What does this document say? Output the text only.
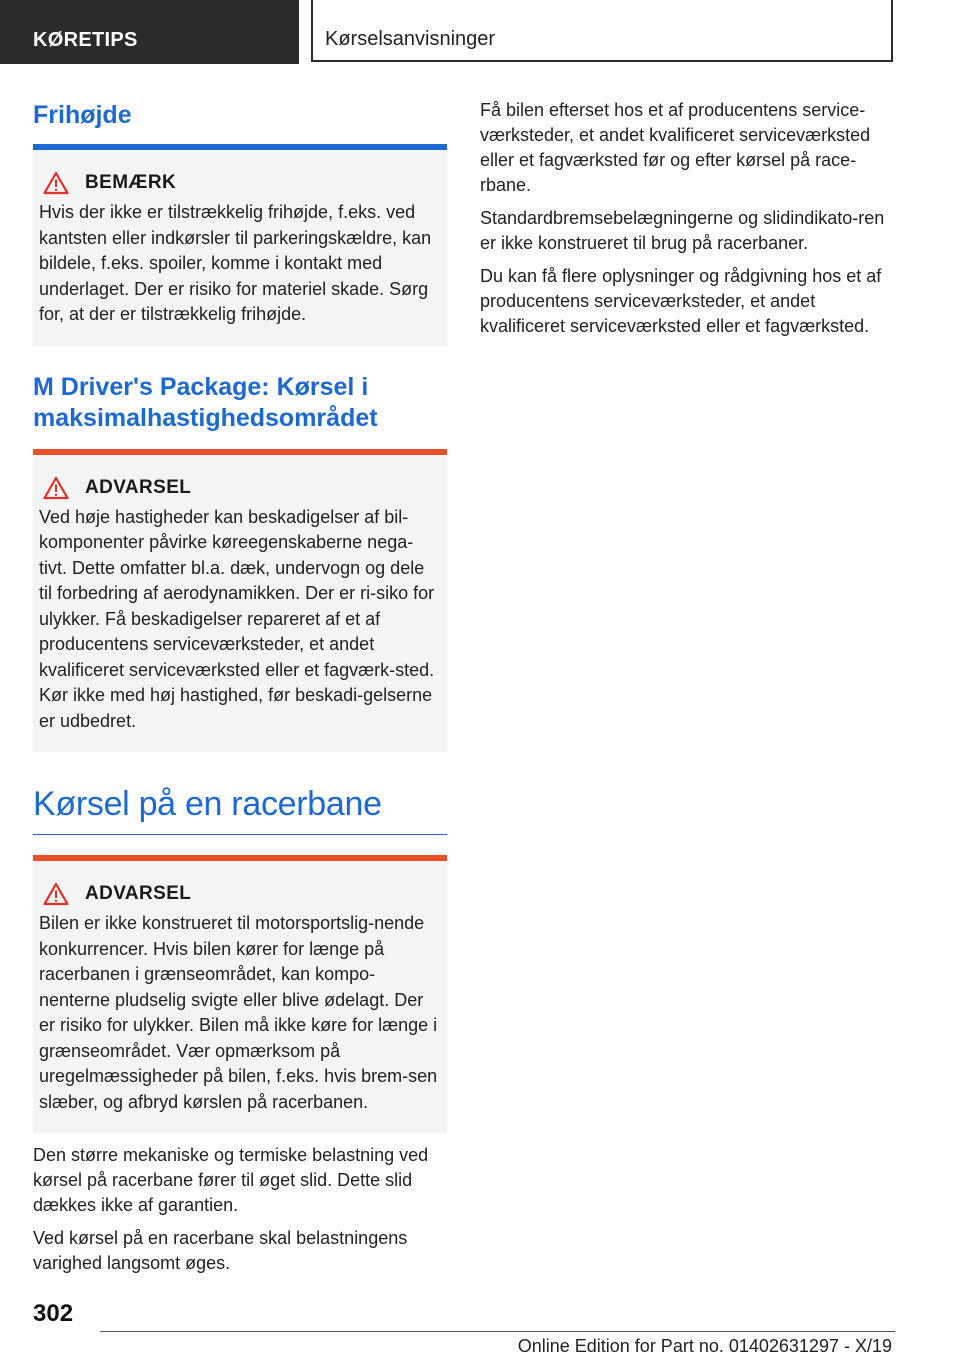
KØRETIPS	Kørselsanvisninger
Frihøjde
BEMÆRK

Hvis der ikke er tilstrækkelig frihøjde, f.eks. ved kantsten eller indkørsler til parkeringskældre, kan bildele, f.eks. spoiler, komme i kontakt med underlaget. Der er risiko for materiel skade. Sørg for, at der er tilstrækkelig frihøjde.

M Driver's Package: Kørsel i maksimalhastighedsområdet
ADVARSEL

Ved høje hastigheder kan beskadigelser af bil-komponenter påvirke køreegenskaberne nega-tivt. Dette omfatter bl.a. dæk, undervogn og dele til forbedring af aerodynamikken. Der er ri-siko for ulykker. Få beskadigelser repareret af et af producentens serviceværksteder, et andet kvalificeret serviceværksted eller et fagværk-sted. Kør ikke med høj hastighed, før beskadi-gelserne er udbedret.

Kørsel på en racerbane
ADVARSEL

Bilen er ikke konstrueret til motorsportslig-nende konkurrencer. Hvis bilen kører for længe på racerbanen i grænseområdet, kan kompo-nenterne pludselig svigte eller blive ødelagt. Der er risiko for ulykker. Bilen må ikke køre for længe i grænseområdet. Vær opmærksom på uregelmæssigheder på bilen, f.eks. hvis brem-sen slæber, og afbryd kørslen på racerbanen.

Den større mekaniske og termiske belastning ved kørsel på racerbane fører til øget slid. Dette slid dækkes ikke af garantien.

Ved kørsel på en racerbane skal belastningens varighed langsomt øges.

Få bilen efterset hos et af producentens service-værksteder, et andet kvalificeret serviceværksted eller et fagværksted før og efter kørsel på race-rbane.

Standardbremsebelægningerne og slidindikato-ren er ikke konstrueret til brug på racerbaner.

Du kan få flere oplysninger og rådgivning hos et af producentens serviceværksteder, et andet kvalificeret serviceværksted eller et fagværksted.

302
Online Edition for Part no. 01402631297 - X/19
